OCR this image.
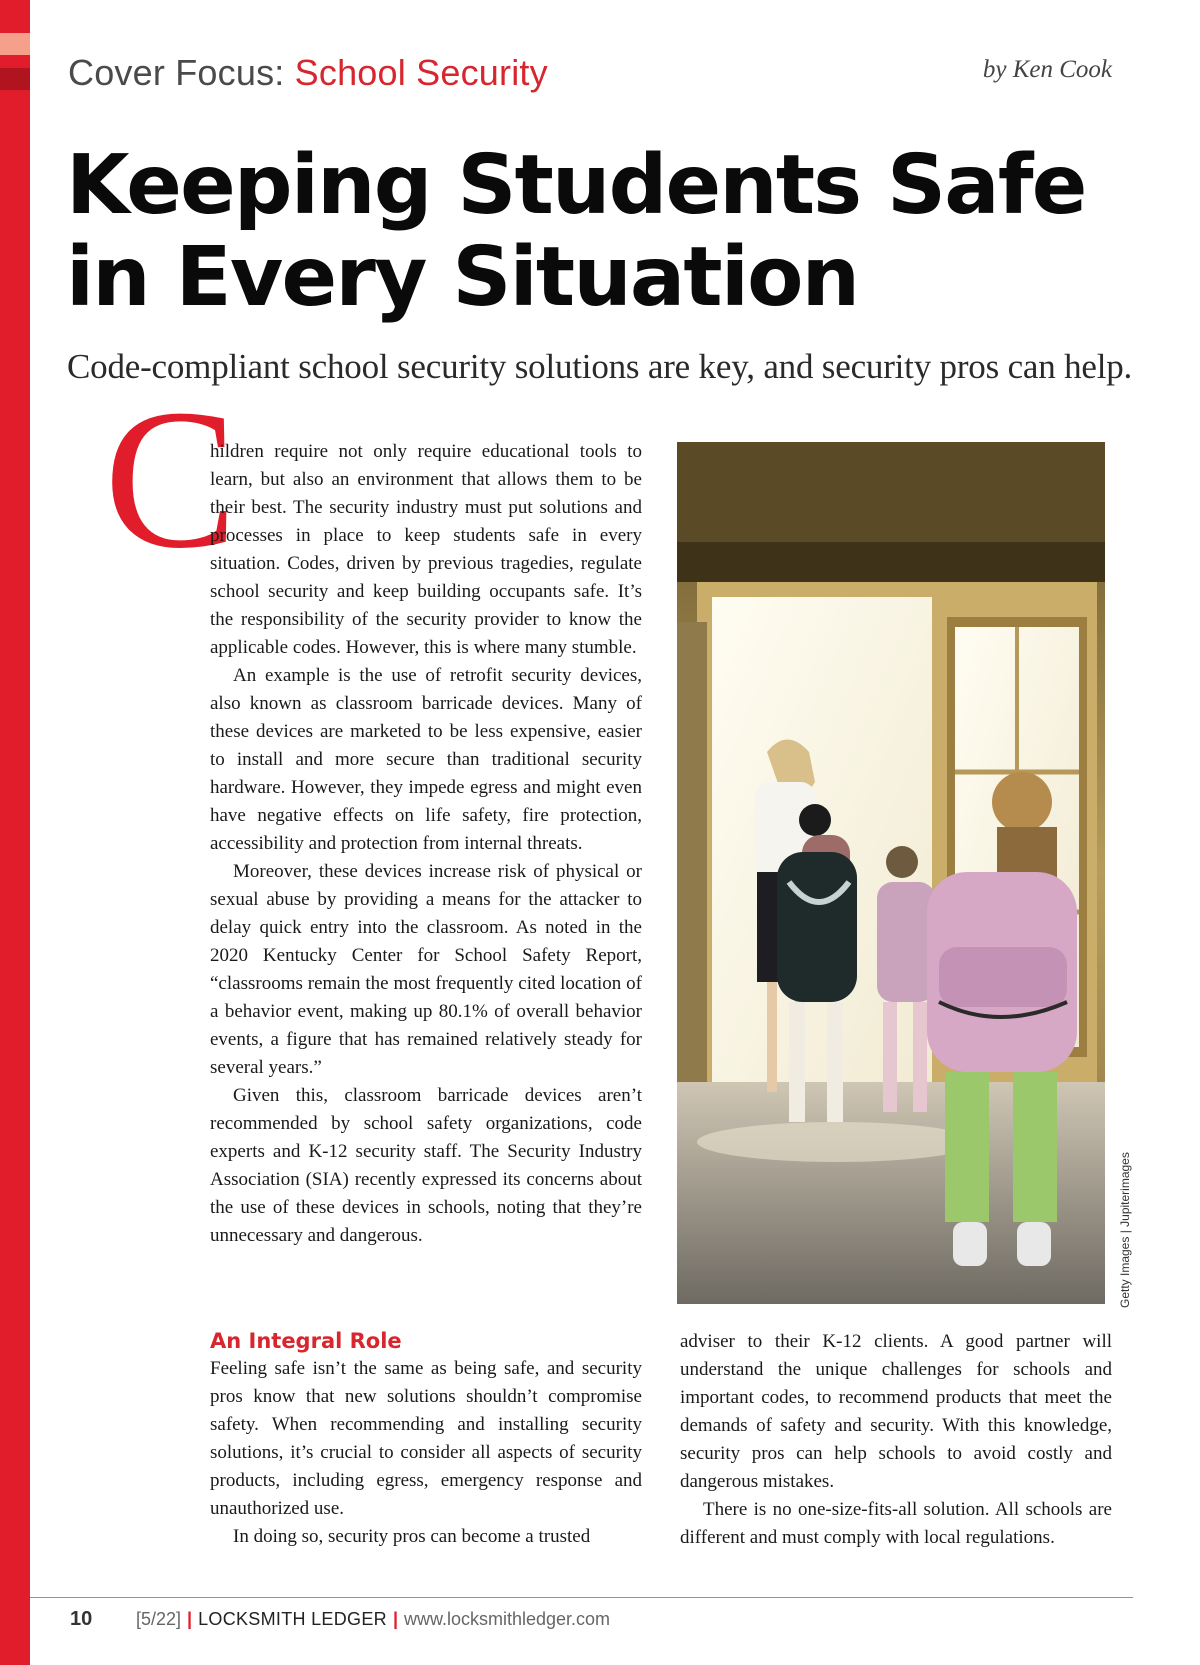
Cover Focus: School Security	by Ken Cook
Keeping Students Safe
in Every Situation
Code-compliant school security solutions are key, and security pros can help.
C

hildren require not only require educational tools to learn, but also an environment that allows them to be their best. The security industry must put solutions and processes in place to keep students safe in every situation. Codes, driven by previous tragedies, regulate school security and keep building occupants safe. It’s the responsibility of the security provider to know the applicable codes. However, this is where many stumble.

An example is the use of retrofit security devices, also known as classroom barricade devices. Many of these devices are marketed to be less expensive, easier to install and more secure than traditional security hardware. However, they impede egress and might even have negative effects on life safety, fire protection, accessibility and protection from internal threats.

Moreover, these devices increase risk of physical or sexual abuse by providing a means for the attacker to delay quick entry into the classroom. As noted in the 2020 Kentucky Center for School Safety Report, “classrooms remain the most frequently cited location of a behavior event, making up 80.1% of overall behavior events, a figure that has remained relatively steady for several years.”

Given this, classroom barricade devices aren’t recommended by school safety organizations, code experts and K-12 security staff. The Security Industry Association (SIA) recently expressed its concerns about the use of these devices in schools, noting that they’re unnecessary and dangerous.	Getty Images | Jupiterimages
An Integral Role

Feeling safe isn’t the same as being safe, and security pros know that new solutions shouldn’t compromise safety. When recommending and installing security solutions, it’s crucial to consider all aspects of security products, including egress, emergency response and unauthorized use.

In doing so, security pros can become a trusted

adviser to their K-12 clients. A good partner will understand the unique challenges for schools and important codes, to recommend products that meet the demands of safety and security. With this knowledge, security pros can help schools to avoid costly and dangerous mistakes.

There is no one-size-fits-all solution. All schools are different and must comply with local regulations.

10 [5/22] | LOCKSMITH LEDGER | www.locksmithledger.com
